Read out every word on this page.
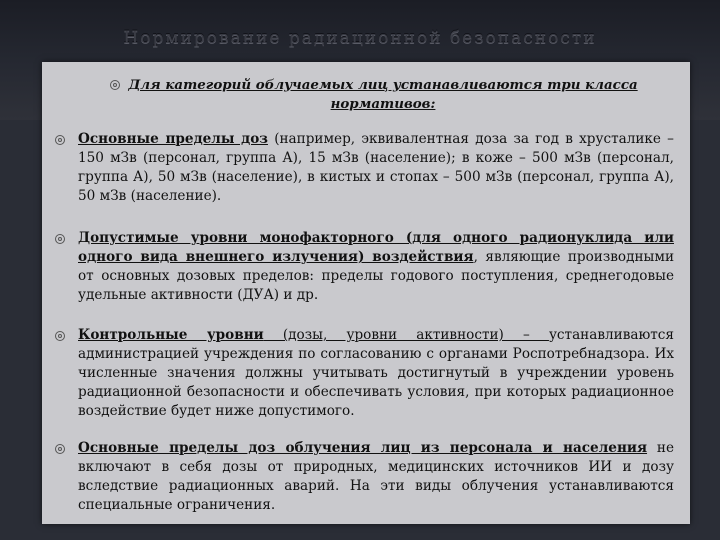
Нормирование радиационной безопасности
Для категорий облучаемых лиц устанавливаются три класса нормативов:
Основные пределы доз (например, эквивалентная доза за год в хрусталике – 150 мЗв (персонал, группа А), 15 мЗв (население); в коже – 500 мЗв (персонал, группа А), 50 мЗв (население), в кистых и стопах – 500 мЗв (персонал, группа А), 50 мЗв (население).
Допустимые уровни монофакторного (для одного радионуклида или одного вида внешнего излучения) воздействия, являющие производными от основных дозовых пределов: пределы годового поступления, среднегодовые удельные активности (ДУА) и др.
Контрольные уровни (дозы, уровни активности) – устанавливаются администрацией учреждения по согласованию с органами Роспотребнадзора. Их численные значения должны учитывать достигнутый в учреждении уровень радиационной безопасности и обеспечивать условия, при которых радиационное воздействие будет ниже допустимого.
Основные пределы доз облучения лиц из персонала и населения не включают в себя дозы от природных, медицинских источников ИИ и дозу вследствие радиационных аварий. На эти виды облучения устанавливаются специальные ограничения.
